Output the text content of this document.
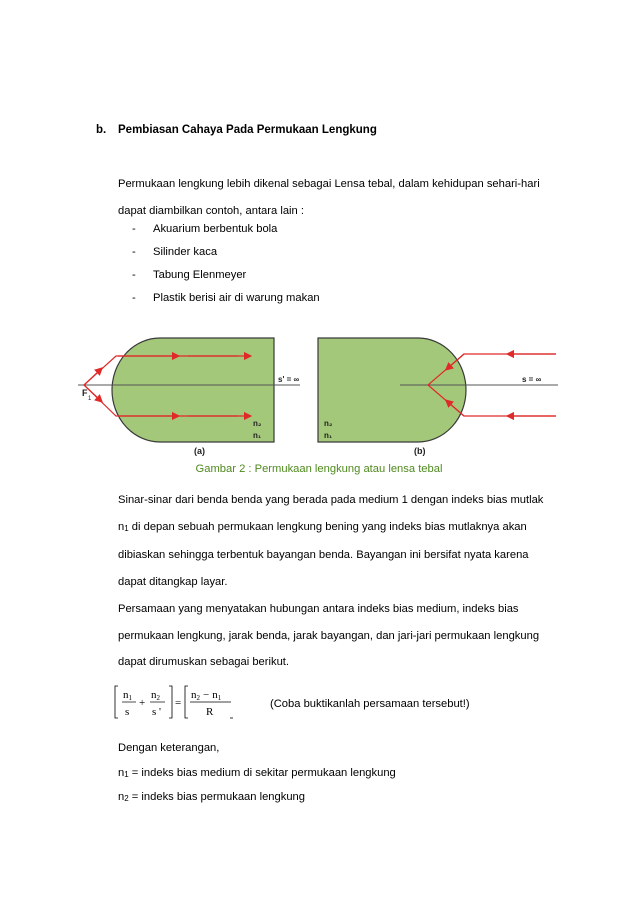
b. Pembiasan Cahaya Pada Permukaan Lengkung
Permukaan lengkung lebih dikenal sebagai Lensa tebal, dalam kehidupan sehari-hari
dapat diambilkan contoh, antara lain :
-	Akuarium berbentuk bola
-	Silinder kaca
-	Tabung Elenmeyer
-	Plastik berisi air di warung makan
F
1
s' = ∞
n₂
n₁
(a)
s = ∞
n₂
n₁
(b)
Gambar 2 : Permukaan lengkung atau lensa tebal
Sinar-sinar dari benda benda yang berada pada medium 1 dengan indeks bias mutlak
$n_1$ di depan sebuah permukaan lengkung bening yang indeks bias mutlaknya akan
dibiaskan sehingga terbentuk bayangan benda. Bayangan ini bersifat nyata karena
dapat ditangkap layar.
Persamaan yang menyatakan hubungan antara indeks bias medium, indeks bias
permukaan lengkung, jarak benda, jarak bayangan, dan jari-jari permukaan lengkung
dapat dirumuskan sebagai berikut.
n1
s
+
n2
s '
=
n2 − n1
R
(Coba buktikanlah persamaan tersebut!)
Dengan keterangan,
$n_1$ = indeks bias medium di sekitar permukaan lengkung
$n_2$ = indeks bias permukaan lengkung
